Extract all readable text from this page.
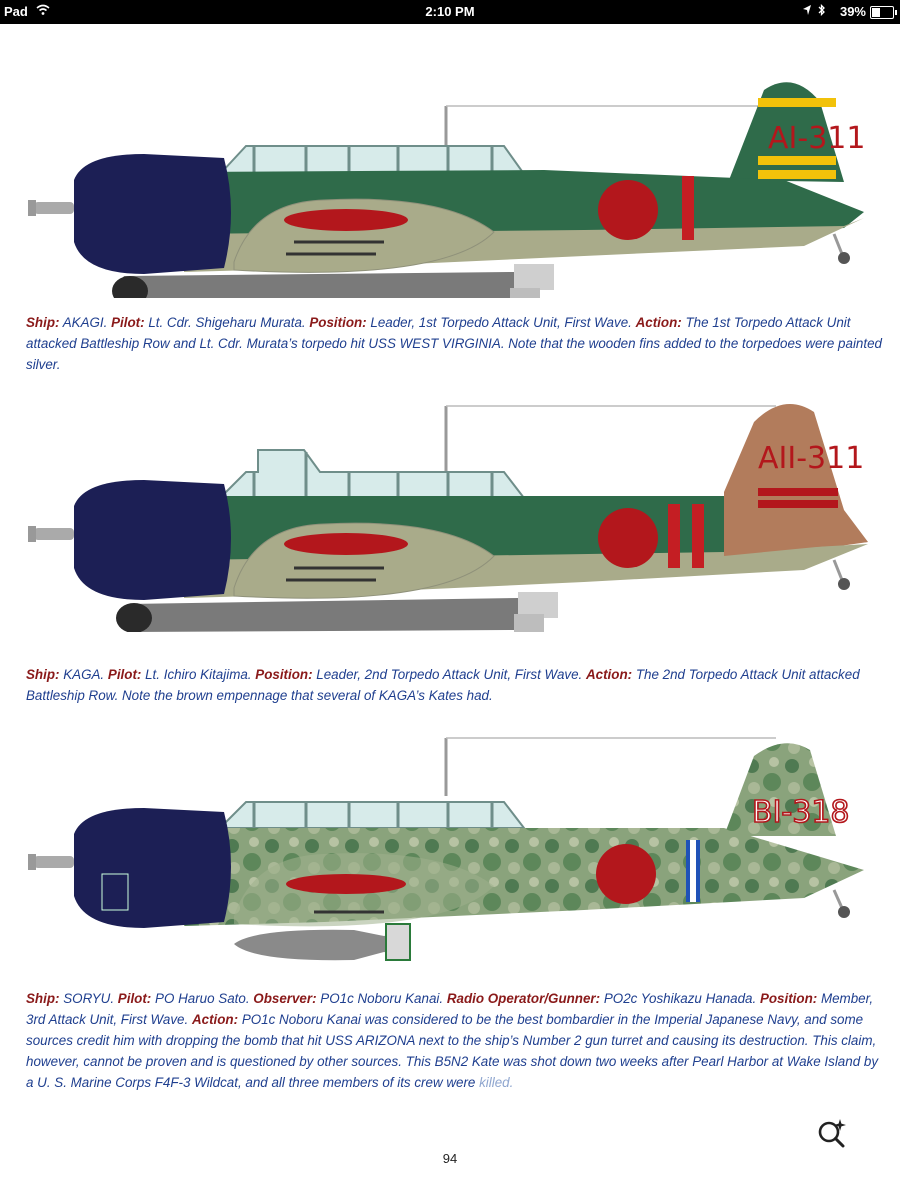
Pad	2:10 PM	39%
AI-311
Ship: AKAGI. Pilot: Lt. Cdr. Shigeharu Murata. Position: Leader, 1st Torpedo Attack Unit, First Wave. Action: The 1st Torpedo Attack Unit attacked Battleship Row and Lt. Cdr. Murata’s torpedo hit USS WEST VIRGINIA. Note that the wooden fins added to the torpedoes were painted silver.
AII-311
Ship: KAGA. Pilot: Lt. Ichiro Kitajima. Position: Leader, 2nd Torpedo Attack Unit, First Wave. Action: The 2nd Torpedo Attack Unit attacked Battleship Row. Note the brown empennage that several of KAGA’s Kates had.
BI-318
Ship: SORYU. Pilot: PO Haruo Sato. Observer: PO1c Noboru Kanai. Radio Operator/Gunner: PO2c Yoshikazu Hanada. Position: Member, 3rd Attack Unit, First Wave. Action: PO1c Noboru Kanai was considered to be the best bombardier in the Imperial Japanese Navy, and some sources credit him with dropping the bomb that hit USS ARIZONA next to the ship’s Number 2 gun turret and causing its destruction. This claim, however, cannot be proven and is questioned by other sources. This B5N2 Kate was shot down two weeks after Pearl Harbor at Wake Island by a U. S. Marine Corps F4F-3 Wildcat, and all three members of its crew were killed.
94
